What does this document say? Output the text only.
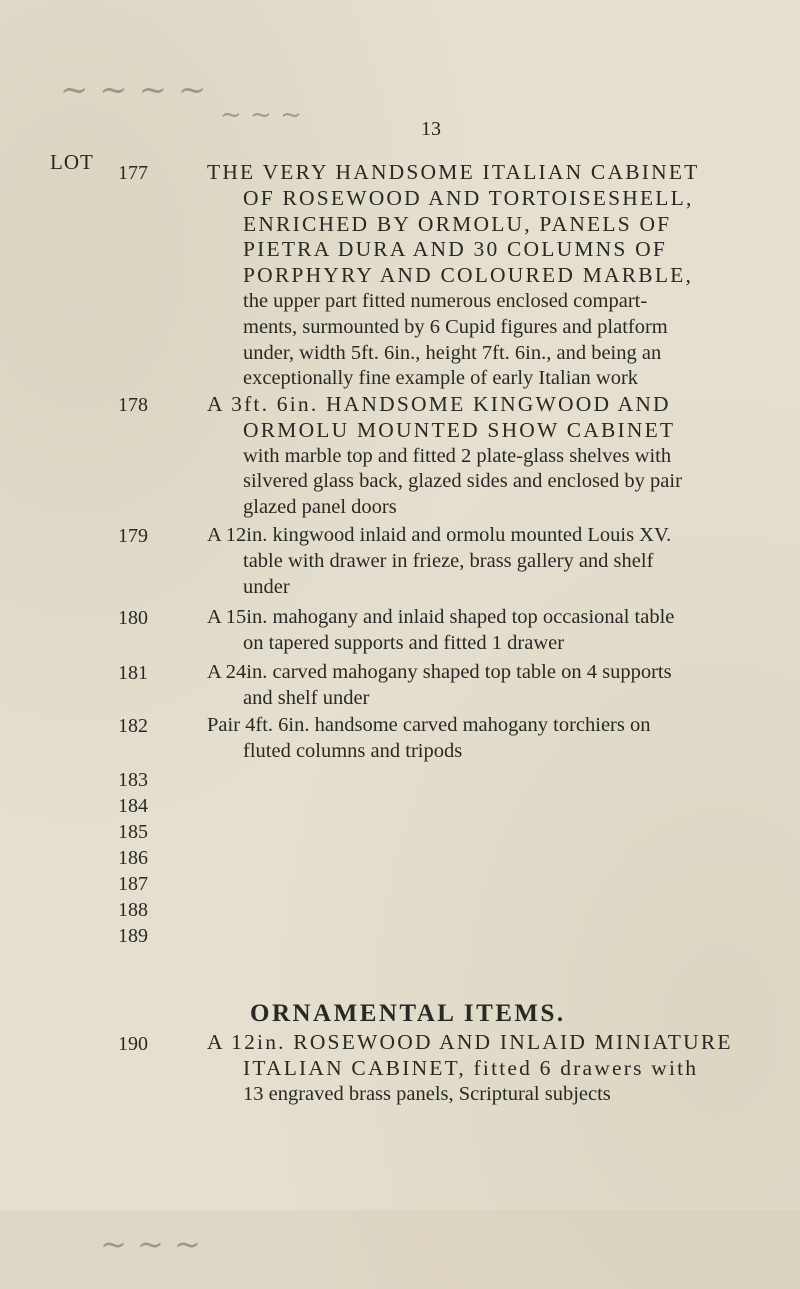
~ ~ ~ ~
~ ~ ~
~ ~ ~
13
LOT 177	THE VERY HANDSOME ITALIAN CABINET
OF ROSEWOOD AND TORTOISESHELL,
ENRICHED BY ORMOLU, PANELS OF
PIETRA DURA AND 30 COLUMNS OF
PORPHYRY AND COLOURED MARBLE,
the upper part fitted numerous enclosed compart-
ments, surmounted by 6 Cupid figures and platform
under, width 5ft. 6in., height 7ft. 6in., and being an
exceptionally fine example of early Italian work
178	A 3ft. 6in. HANDSOME KINGWOOD AND
ORMOLU MOUNTED SHOW CABINET
with marble top and fitted 2 plate-glass shelves with
silvered glass back, glazed sides and enclosed by pair
glazed panel doors
179	A 12in. kingwood inlaid and ormolu mounted Louis XV.
table with drawer in frieze, brass gallery and shelf
under
180	A 15in. mahogany and inlaid shaped top occasional table
on tapered supports and fitted 1 drawer
181	A 24in. carved mahogany shaped top table on 4 supports
and shelf under
182	Pair 4ft. 6in. handsome carved mahogany torchiers on
fluted columns and tripods
183
184
185
186
187
188
189
ORNAMENTAL ITEMS.
190	A 12in. ROSEWOOD AND INLAID MINIATURE
ITALIAN CABINET, fitted 6 drawers with
13 engraved brass panels, Scriptural subjects
